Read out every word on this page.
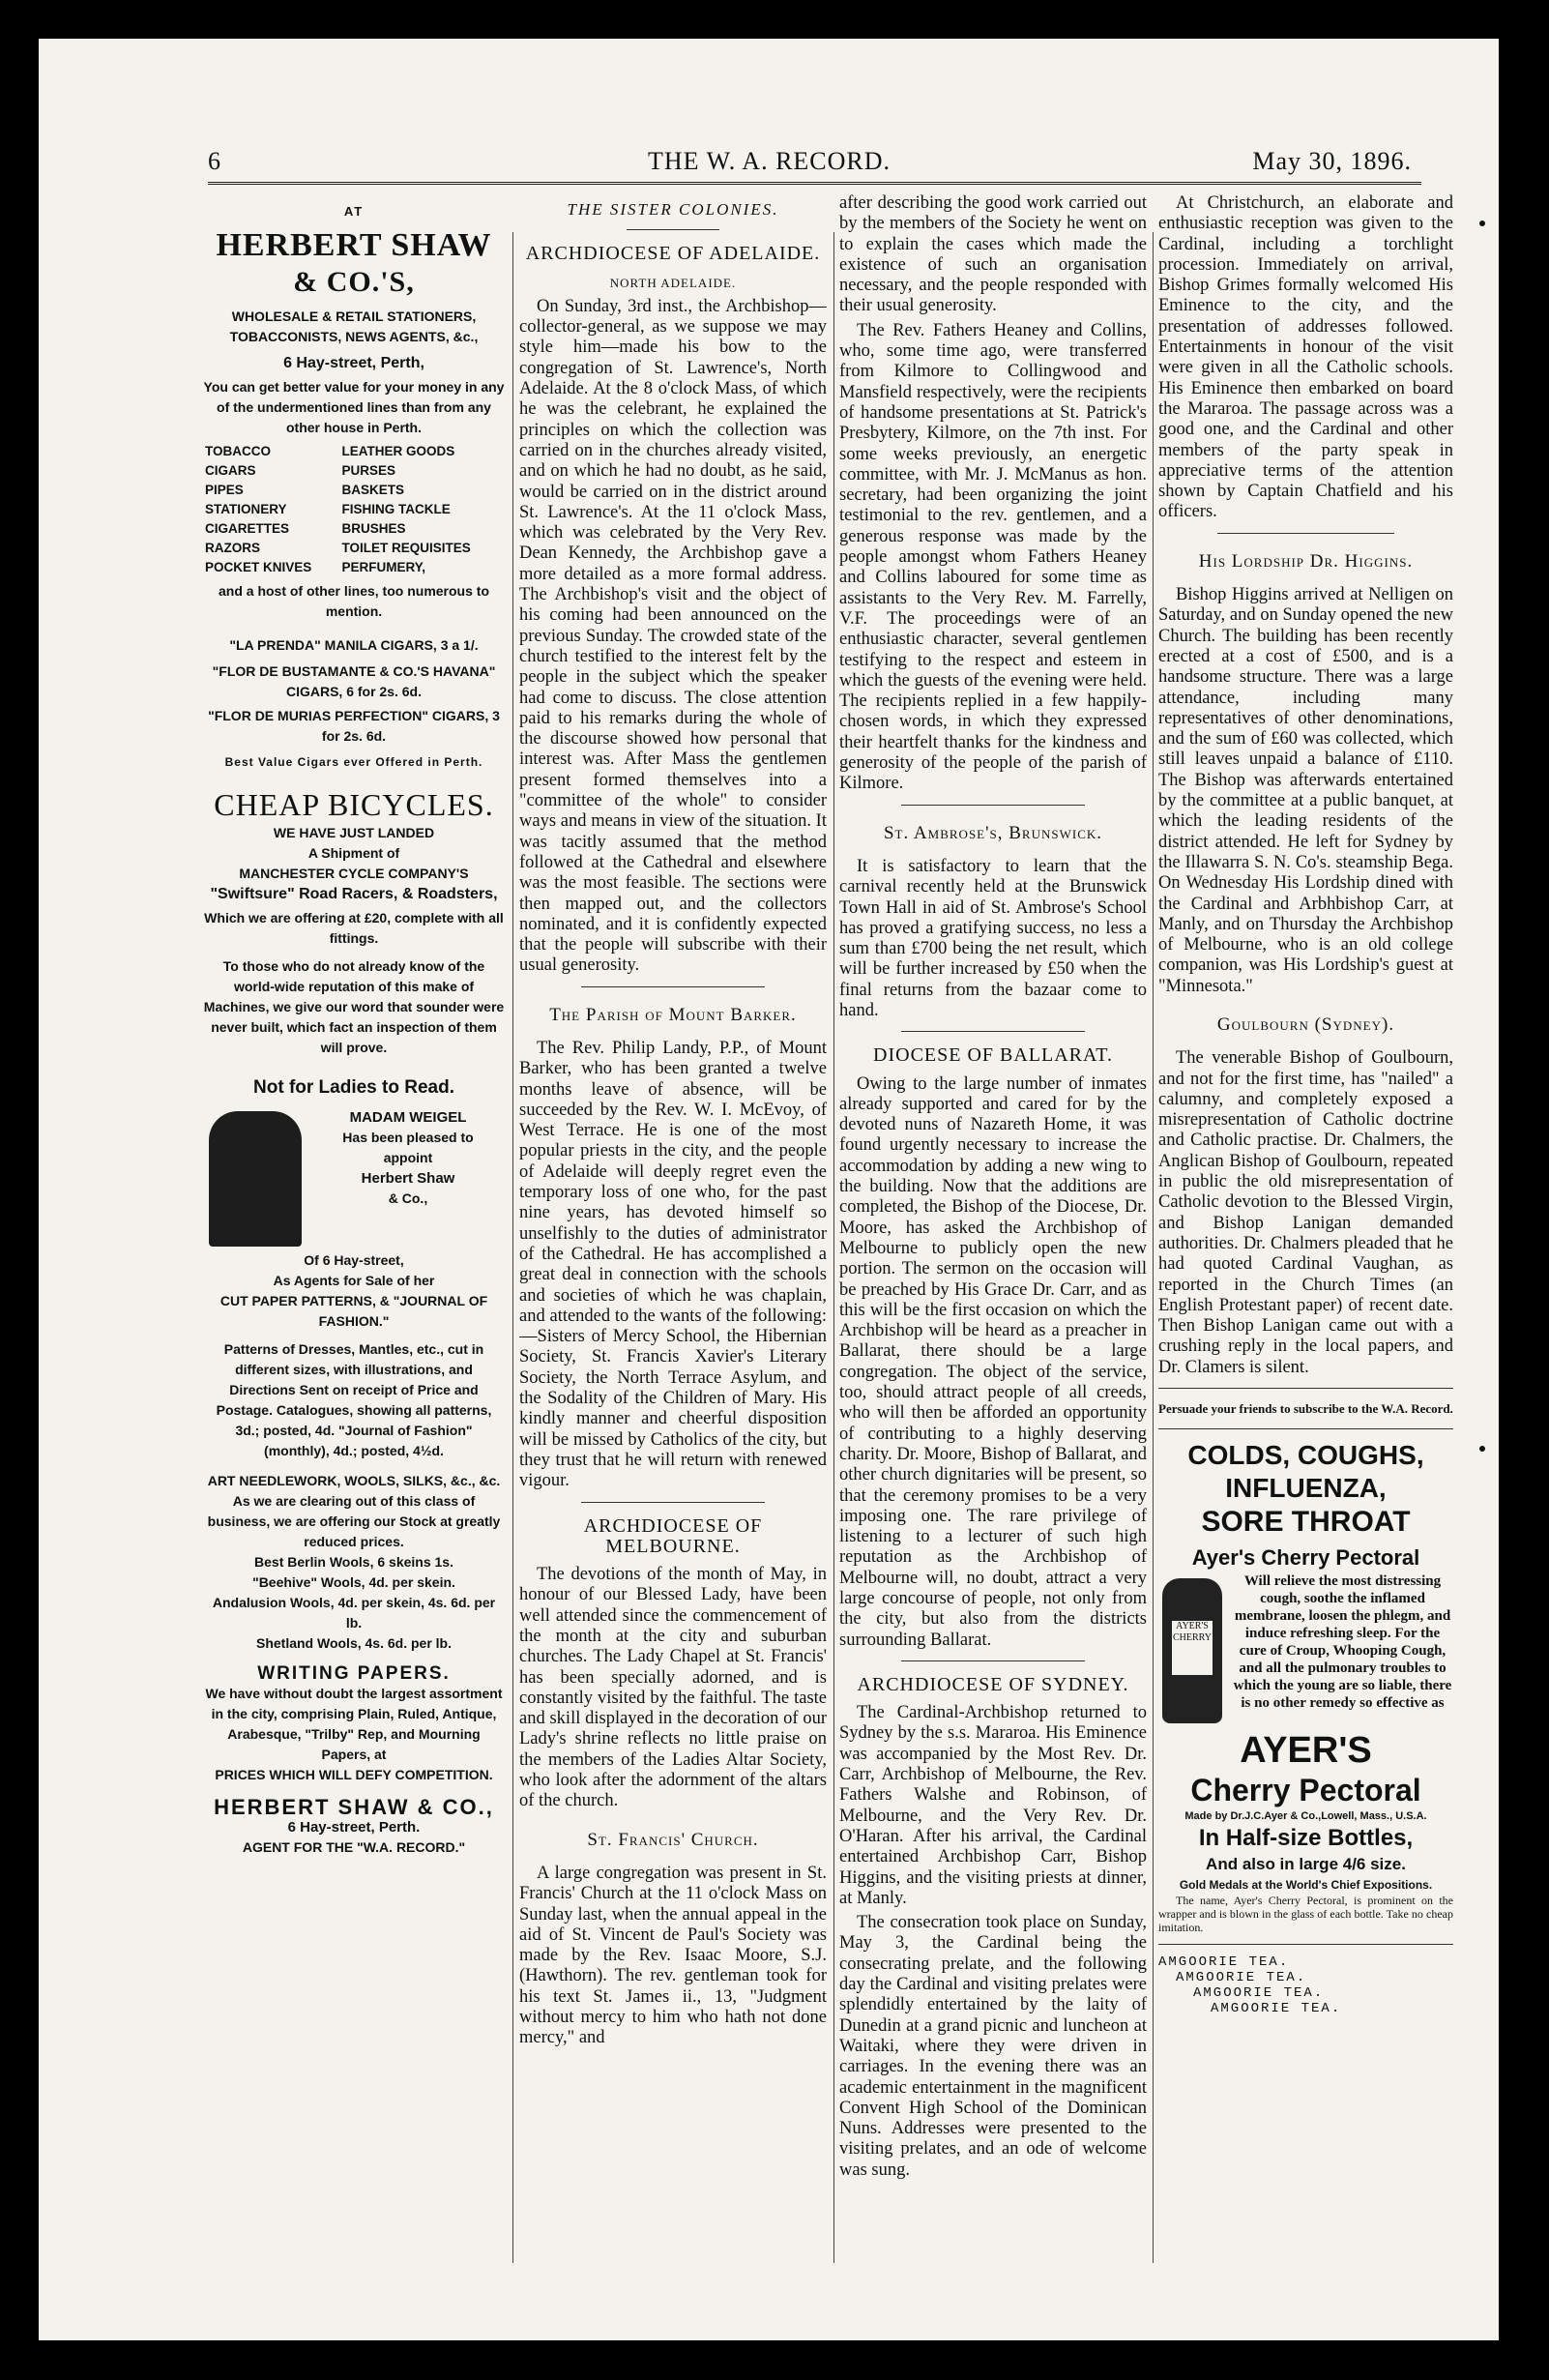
6	THE W. A. RECORD.	May 30, 1896.
AT
HERBERT SHAW
& CO.'S,
WHOLESALE & RETAIL STATIONERS,
TOBACCONISTS, NEWS AGENTS, &c.,
6 Hay-street, Perth,
You can get better value for your money in any of the undermentioned lines than from any other house in Perth.
TOBACCO	LEATHER GOODS
CIGARS	PURSES
PIPES	BASKETS
STATIONERY	FISHING TACKLE
CIGARETTES	BRUSHES
RAZORS	TOILET REQUISITES
POCKET KNIVES	PERFUMERY,
and a host of other lines, too numerous to mention.
"LA PRENDA" MANILA CIGARS, 3 a 1/.
"FLOR DE BUSTAMANTE & CO.'S HAVANA" CIGARS, 6 for 2s. 6d.
"FLOR DE MURIAS PERFECTION" CIGARS, 3 for 2s. 6d.
Best Value Cigars ever Offered in Perth.
CHEAP BICYCLES.
WE HAVE JUST LANDED
A Shipment of
MANCHESTER CYCLE COMPANY'S
"Swiftsure" Road Racers, & Roadsters,
Which we are offering at £20, complete with all fittings.
To those who do not already know of the world-wide reputation of this make of Machines, we give our word that sounder were never built, which fact an inspection of them will prove.
Not for Ladies to Read.
MADAM WEIGEL
Has been pleased to
appoint
Herbert Shaw
& Co.,
Of 6 Hay-street,
As Agents for Sale of her
CUT PAPER PATTERNS, & "JOURNAL OF FASHION."
Patterns of Dresses, Mantles, etc., cut in different sizes, with illustrations, and Directions Sent on receipt of Price and Postage. Catalogues, showing all patterns, 3d.; posted, 4d. "Journal of Fashion" (monthly), 4d.; posted, 4½d.
ART NEEDLEWORK, WOOLS, SILKS, &c., &c.
As we are clearing out of this class of business, we are offering our Stock at greatly reduced prices.
Best Berlin Wools, 6 skeins 1s.
"Beehive" Wools, 4d. per skein.
Andalusion Wools, 4d. per skein, 4s. 6d. per lb.
Shetland Wools, 4s. 6d. per lb.
WRITING PAPERS.
We have without doubt the largest assortment in the city, comprising Plain, Ruled, Antique, Arabesque, "Trilby" Rep, and Mourning Papers, at
PRICES WHICH WILL DEFY COMPETITION.
HERBERT SHAW & CO.,
6 Hay-street, Perth.
AGENT FOR THE "W.A. RECORD."

THE SISTER COLONIES.

ARCHDIOCESE OF ADELAIDE.

NORTH ADELAIDE.

On Sunday, 3rd inst., the Archbishop—collector-general, as we suppose we may style him—made his bow to the congregation of St. Lawrence's, North Adelaide. At the 8 o'clock Mass, of which he was the celebrant, he explained the principles on which the collection was carried on in the churches already visited, and on which he had no doubt, as he said, would be carried on in the district around St. Lawrence's. At the 11 o'clock Mass, which was celebrated by the Very Rev. Dean Kennedy, the Archbishop gave a more detailed as a more formal address. The Archbishop's visit and the object of his coming had been announced on the previous Sunday. The crowded state of the church testified to the interest felt by the people in the subject which the speaker had come to discuss. The close attention paid to his remarks during the whole of the discourse showed how personal that interest was. After Mass the gentlemen present formed themselves into a "committee of the whole" to consider ways and means in view of the situation. It was tacitly assumed that the method followed at the Cathedral and elsewhere was the most feasible. The sections were then mapped out, and the collectors nominated, and it is confidently expected that the people will subscribe with their usual generosity.

The Parish of Mount Barker.

The Rev. Philip Landy, P.P., of Mount Barker, who has been granted a twelve months leave of absence, will be succeeded by the Rev. W. I. McEvoy, of West Terrace. He is one of the most popular priests in the city, and the people of Adelaide will deeply regret even the temporary loss of one who, for the past nine years, has devoted himself so unselfishly to the duties of administrator of the Cathedral. He has accomplished a great deal in connection with the schools and societies of which he was chaplain, and attended to the wants of the following:—Sisters of Mercy School, the Hibernian Society, St. Francis Xavier's Literary Society, the North Terrace Asylum, and the Sodality of the Children of Mary. His kindly manner and cheerful disposition will be missed by Catholics of the city, but they trust that he will return with renewed vigour.

ARCHDIOCESE OF MELBOURNE.

The devotions of the month of May, in honour of our Blessed Lady, have been well attended since the commencement of the month at the city and suburban churches. The Lady Chapel at St. Francis' has been specially adorned, and is constantly visited by the faithful. The taste and skill displayed in the decoration of our Lady's shrine reflects no little praise on the members of the Ladies Altar Society, who look after the adornment of the altars of the church.

St. Francis' Church.

A large congregation was present in St. Francis' Church at the 11 o'clock Mass on Sunday last, when the annual appeal in the aid of St. Vincent de Paul's Society was made by the Rev. Isaac Moore, S.J. (Hawthorn). The rev. gentleman took for his text St. James ii., 13, "Judgment without mercy to him who hath not done mercy," and

after describing the good work carried out by the members of the Society he went on to explain the cases which made the existence of such an organisation necessary, and the people responded with their usual generosity.

The Rev. Fathers Heaney and Collins, who, some time ago, were transferred from Kilmore to Collingwood and Mansfield respectively, were the recipients of handsome presentations at St. Patrick's Presbytery, Kilmore, on the 7th inst. For some weeks previously, an energetic committee, with Mr. J. McManus as hon. secretary, had been organizing the joint testimonial to the rev. gentlemen, and a generous response was made by the people amongst whom Fathers Heaney and Collins laboured for some time as assistants to the Very Rev. M. Farrelly, V.F. The proceedings were of an enthusiastic character, several gentlemen testifying to the respect and esteem in which the guests of the evening were held. The recipients replied in a few happily-chosen words, in which they expressed their heartfelt thanks for the kindness and generosity of the people of the parish of Kilmore.

St. Ambrose's, Brunswick.

It is satisfactory to learn that the carnival recently held at the Brunswick Town Hall in aid of St. Ambrose's School has proved a gratifying success, no less a sum than £700 being the net result, which will be further increased by £50 when the final returns from the bazaar come to hand.

DIOCESE OF BALLARAT.

Owing to the large number of inmates already supported and cared for by the devoted nuns of Nazareth Home, it was found urgently necessary to increase the accommodation by adding a new wing to the building. Now that the additions are completed, the Bishop of the Diocese, Dr. Moore, has asked the Archbishop of Melbourne to publicly open the new portion. The sermon on the occasion will be preached by His Grace Dr. Carr, and as this will be the first occasion on which the Archbishop will be heard as a preacher in Ballarat, there should be a large congregation. The object of the service, too, should attract people of all creeds, who will then be afforded an opportunity of contributing to a highly deserving charity. Dr. Moore, Bishop of Ballarat, and other church dignitaries will be present, so that the ceremony promises to be a very imposing one. The rare privilege of listening to a lecturer of such high reputation as the Archbishop of Melbourne will, no doubt, attract a very large concourse of people, not only from the city, but also from the districts surrounding Ballarat.

ARCHDIOCESE OF SYDNEY.

The Cardinal-Archbishop returned to Sydney by the s.s. Mararoa. His Eminence was accompanied by the Most Rev. Dr. Carr, Archbishop of Melbourne, the Rev. Fathers Walshe and Robinson, of Melbourne, and the Very Rev. Dr. O'Haran. After his arrival, the Cardinal entertained Archbishop Carr, Bishop Higgins, and the visiting priests at dinner, at Manly.

The consecration took place on Sunday, May 3, the Cardinal being the consecrating prelate, and the following day the Cardinal and visiting prelates were splendidly entertained by the laity of Dunedin at a grand picnic and luncheon at Waitaki, where they were driven in carriages. In the evening there was an academic entertainment in the magnificent Convent High School of the Dominican Nuns. Addresses were presented to the visiting prelates, and an ode of welcome was sung.

At Christchurch, an elaborate and enthusiastic reception was given to the Cardinal, including a torchlight procession. Immediately on arrival, Bishop Grimes formally welcomed His Eminence to the city, and the presentation of addresses followed. Entertainments in honour of the visit were given in all the Catholic schools. His Eminence then embarked on board the Mararoa. The passage across was a good one, and the Cardinal and other members of the party speak in appreciative terms of the attention shown by Captain Chatfield and his officers.

His Lordship Dr. Higgins.

Bishop Higgins arrived at Nelligen on Saturday, and on Sunday opened the new Church. The building has been recently erected at a cost of £500, and is a handsome structure. There was a large attendance, including many representatives of other denominations, and the sum of £60 was collected, which still leaves unpaid a balance of £110. The Bishop was afterwards entertained by the committee at a public banquet, at which the leading residents of the district attended. He left for Sydney by the Illawarra S. N. Co's. steamship Bega. On Wednesday His Lordship dined with the Cardinal and Arbhbishop Carr, at Manly, and on Thursday the Archbishop of Melbourne, who is an old college companion, was His Lordship's guest at "Minnesota."

Goulbourn (Sydney).

The venerable Bishop of Goulbourn, and not for the first time, has "nailed" a calumny, and completely exposed a misrepresentation of Catholic doctrine and Catholic practise. Dr. Chalmers, the Anglican Bishop of Goulbourn, repeated in public the old misrepresentation of Catholic devotion to the Blessed Virgin, and Bishop Lanigan demanded authorities. Dr. Chalmers pleaded that he had quoted Cardinal Vaughan, as reported in the Church Times (an English Protestant paper) of recent date. Then Bishop Lanigan came out with a crushing reply in the local papers, and Dr. Clamers is silent.

Persuade your friends to subscribe to the W.A. Record.

COLDS, COUGHS,
INFLUENZA,
SORE THROAT
Ayer's Cherry Pectoral
AYER'S CHERRY
Will relieve the most distressing cough, soothe the inflamed membrane, loosen the phlegm, and induce refreshing sleep. For the cure of Croup, Whooping Cough, and all the pulmonary troubles to which the young are so liable, there is no other remedy so effective as
AYER'S
Cherry Pectoral
Made by Dr.J.C.Ayer & Co.,Lowell, Mass., U.S.A.
In Half-size Bottles,
And also in large 4/6 size.
Gold Medals at the World's Chief Expositions.

The name, Ayer's Cherry Pectoral, is prominent on the wrapper and is blown in the glass of each bottle. Take no cheap imitation.

AMGOORIE TEA.
AMGOORIE TEA.
AMGOORIE TEA.
AMGOORIE TEA.
